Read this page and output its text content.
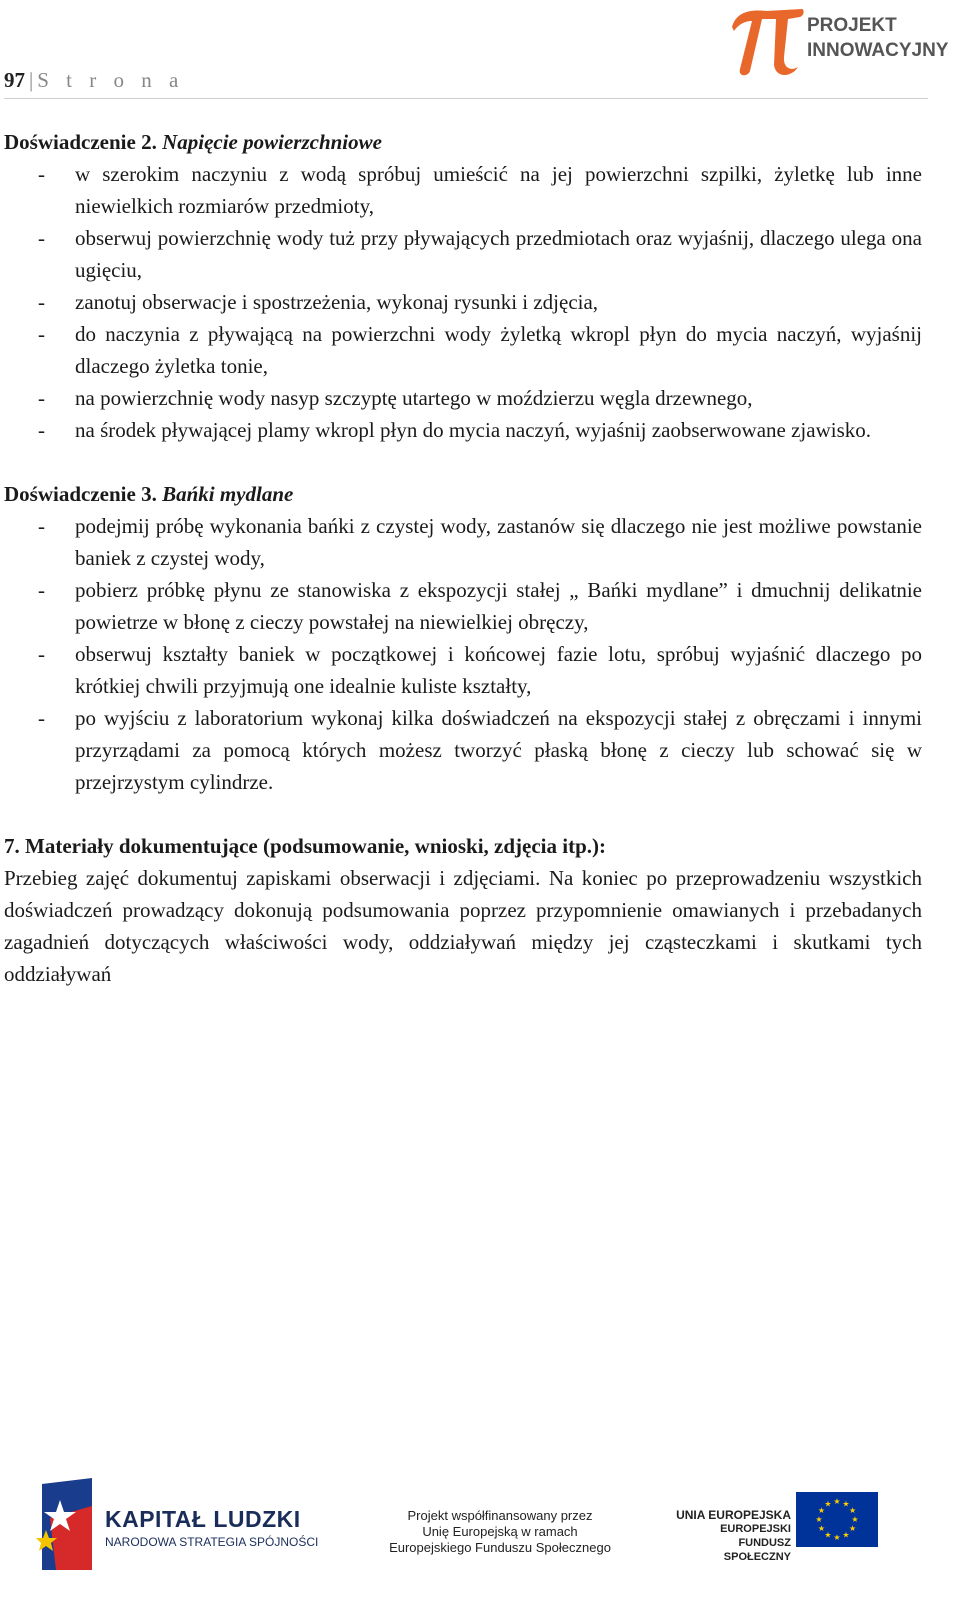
97 | S t r o n a
PROJEKT
INNOWACYJNY
Doświadczenie 2. Napięcie powierzchniowe
- w szerokim naczyniu z wodą spróbuj umieścić na jej powierzchni szpilki, żyletkę lub inne niewielkich rozmiarów przedmioty,
- obserwuj powierzchnię wody tuż przy pływających przedmiotach oraz wyjaśnij, dlaczego ulega ona ugięciu,
- zanotuj obserwacje i spostrzeżenia, wykonaj rysunki i zdjęcia,
- do naczynia z pływającą na powierzchni wody żyletką wkropl płyn do mycia naczyń, wyjaśnij dlaczego żyletka tonie,
- na powierzchnię wody nasyp szczyptę utartego w moździerzu węgla drzewnego,
- na środek pływającej plamy wkropl płyn do mycia naczyń, wyjaśnij zaobserwowane zjawisko.
Doświadczenie 3. Bańki mydlane
- podejmij próbę wykonania bańki z czystej wody, zastanów się dlaczego nie jest możliwe powstanie baniek z czystej wody,
- pobierz próbkę płynu ze stanowiska z ekspozycji stałej „ Bańki mydlane” i dmuchnij delikatnie powietrze w błonę z cieczy powstałej na niewielkiej obręczy,
- obserwuj kształty baniek w początkowej i końcowej fazie lotu, spróbuj wyjaśnić dlaczego po krótkiej chwili przyjmują one idealnie kuliste kształty,
- po wyjściu z laboratorium wykonaj kilka doświadczeń na ekspozycji stałej z obręczami i innymi przyrządami za pomocą których możesz tworzyć płaską błonę z cieczy lub schować się w przejrzystym cylindrze.
7. Materiały dokumentujące (podsumowanie, wnioski, zdjęcia itp.):

Przebieg zajęć dokumentuj zapiskami obserwacji i zdjęciami. Na koniec po przeprowadzeniu wszystkich doświadczeń prowadzący dokonują podsumowania poprzez przypomnienie omawianych i przebadanych zagadnień dotyczących właściwości wody, oddziaływań między jej cząsteczkami i skutkami tych oddziaływań

KAPITAŁ LUDZKI
NARODOWA STRATEGIA SPÓJNOŚCI
Projekt współfinansowany przez
Unię Europejską w ramach
Europejskiego Funduszu Społecznego
UNIA EUROPEJSKA
EUROPEJSKI
FUNDUSZ SPOŁECZNY
★ ★
★
★
★
★
★
★
★
★
★
★
